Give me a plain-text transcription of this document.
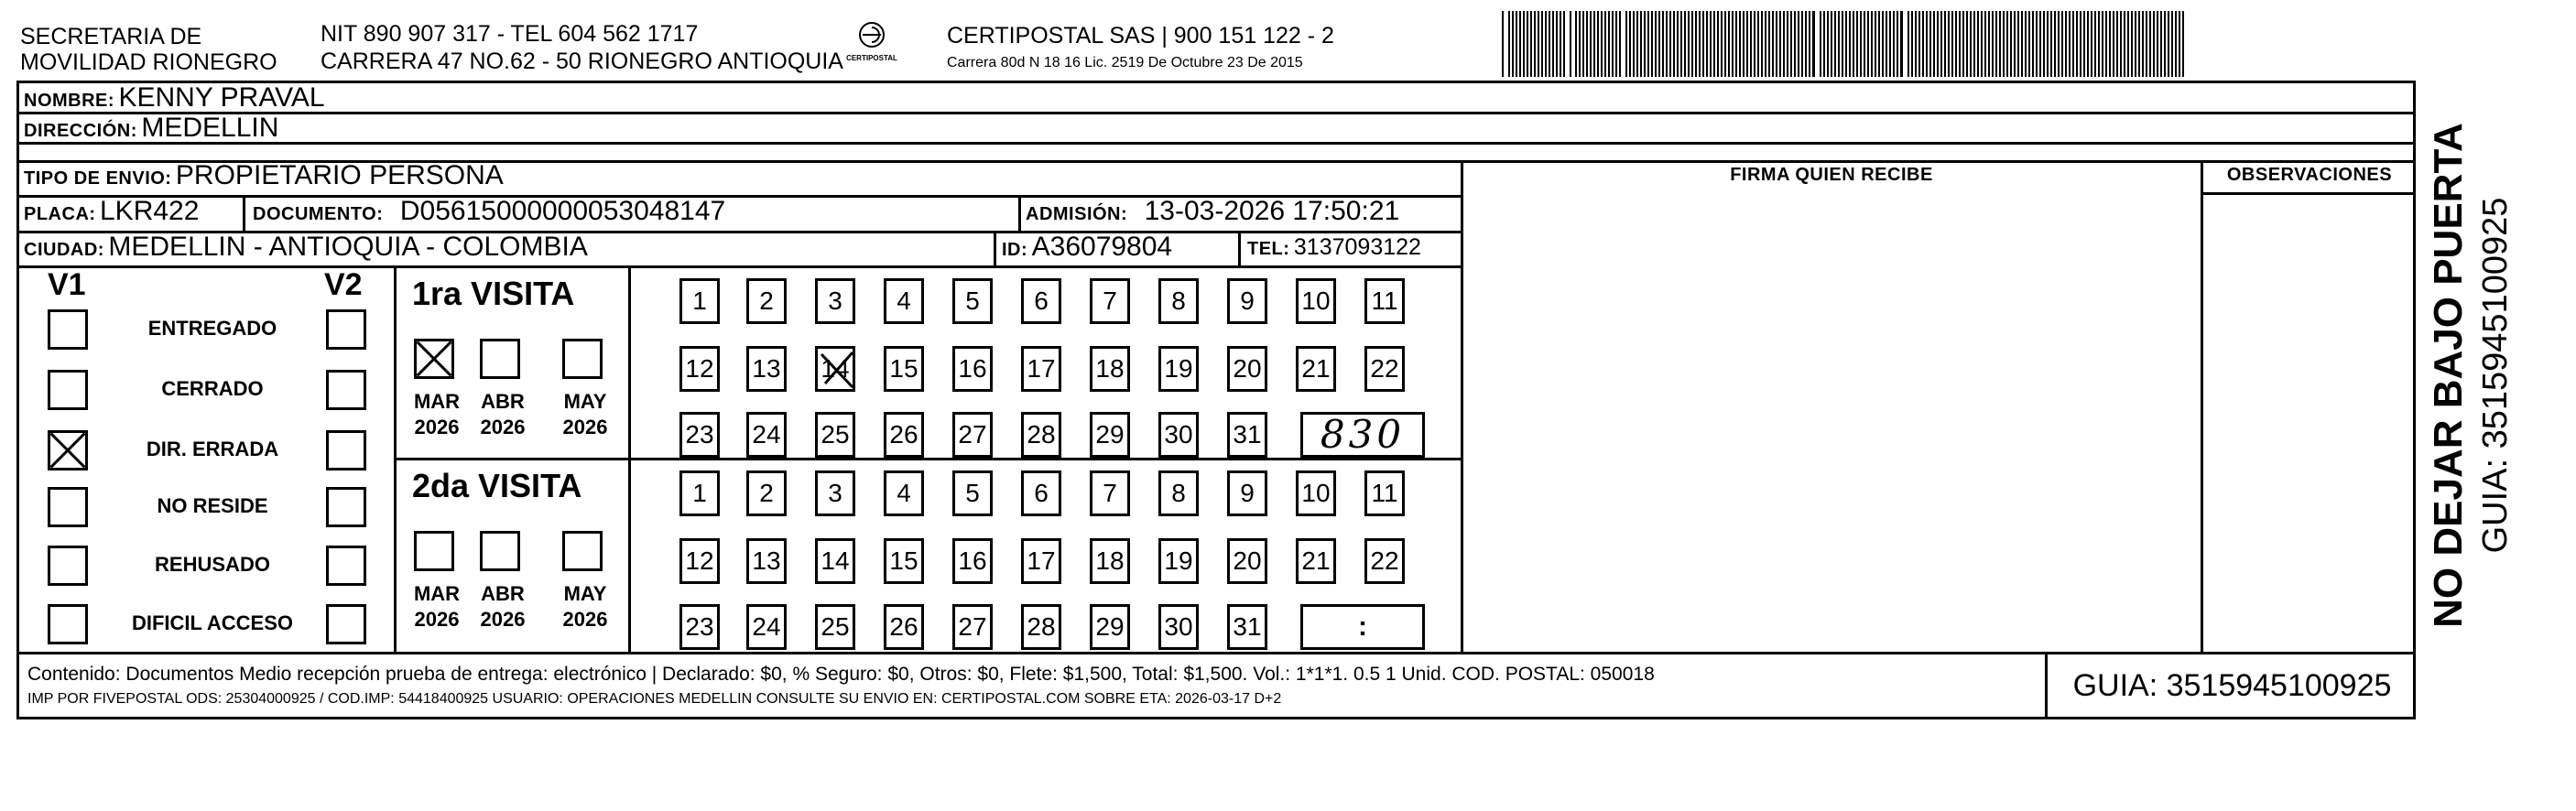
SECRETARIA DE
MOVILIDAD RIONEGRO
NIT 890 907 317 - TEL 604 562 1717
CARRERA 47 NO.62 - 50 RIONEGRO ANTIOQUIA CERTIPOSTAL
CERTIPOSTAL SAS | 900 151 122 - 2
Carrera 80d N 18 16 Lic. 2519 De Octubre 23 De 2015
NOMBRE: KENNY PRAVAL
DIRECCIÓN: MEDELLIN
TIPO DE ENVIO: PROPIETARIO PERSONA	FIRMA QUIEN RECIBE	OBSERVACIONES
PLACA: LKR422	DOCUMENTO: D05615000000053048147	ADMISIÓN: 13-03-2026 17:50:21
CIUDAD: MEDELLIN - ANTIOQUIA - COLOMBIA	ID: A36079804	TEL: 3137093122
V1	V2
ENTREGADO
CERRADO
DIR. ERRADA
NO RESIDE
REHUSADO
DIFICIL ACCESO
1ra VISITA
MAR
2026
ABR
2026
MAY
2026
1	2	3	4	5	6	7	8	9	10 11
12 13 14 15 16 17 18 19 20 21 22
23 24 25 26 27 28 29 30 31	830
2da VISITA
MAR
2026
ABR
2026
MAY
2026
1	2	3	4	5	6	7	8	9	10 11
12 13 14 15 16 17 18 19 20 21 22
23 24 25 26 27 28 29 30 31	:
Contenido: Documentos Medio recepción prueba de entrega: electrónico | Declarado: $0, % Seguro: $0, Otros: $0, Flete: $1,500, Total: $1,500. Vol.: 1*1*1. 0.5 1 Unid. COD. POSTAL: 050018
IMP POR FIVEPOSTAL ODS: 25304000925 / COD.IMP: 54418400925 USUARIO: OPERACIONES MEDELLIN CONSULTE SU ENVIO EN: CERTIPOSTAL.COM SOBRE ETA: 2026-03-17 D+2	GUIA: 3515945100925
NO DEJAR BAJO PUERTA GUIA: 3515945100925
